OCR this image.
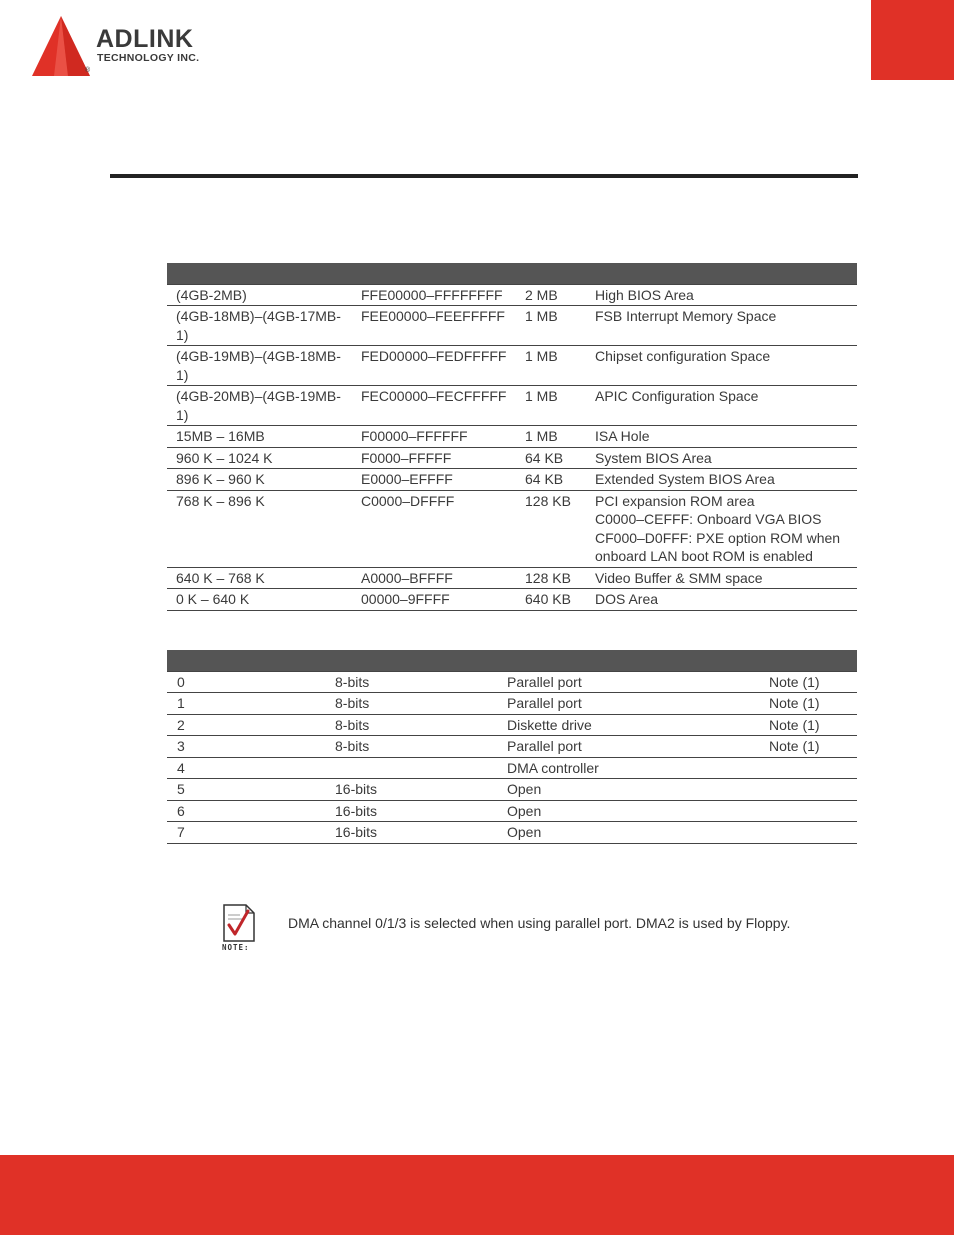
ADLINK
TECHNOLOGY INC.
®

(4GB-2MB)	FFE00000–FFFFFFFF	2 MB	High BIOS Area

(4GB-18MB)–(4GB-17MB-1)	FEE00000–FEEFFFFF	1 MB	FSB Interrupt Memory Space

(4GB-19MB)–(4GB-18MB-1)	FED00000–FEDFFFFF	1 MB	Chipset configuration Space

(4GB-20MB)–(4GB-19MB-1)	FEC00000–FECFFFFF	1 MB	APIC Configuration Space

15MB – 16MB	F00000–FFFFFF	1 MB	ISA Hole

960 K – 1024 K	F0000–FFFFF	64 KB	System BIOS Area

896 K – 960 K	E0000–EFFFF	64 KB	Extended System BIOS Area

768 K – 896 K	C0000–DFFFF	128 KB	PCI expansion ROM area
C0000–CEFFF: Onboard VGA BIOS
CF000–D0FFF: PXE option ROM when
onboard LAN boot ROM is enabled

640 K – 768 K	A0000–BFFFF	128 KB	Video Buffer & SMM space

0 K – 640 K	00000–9FFFF	640 KB	DOS Area

0	8-bits	Parallel port	Note (1)
1	8-bits	Parallel port	Note (1)
2	8-bits	Diskette drive	Note (1)
3	8-bits	Parallel port	Note (1)
4		DMA controller	
5	16-bits	Open	
6	16-bits	Open	
7	16-bits	Open	
NOTE:
DMA channel 0/1/3 is selected when using parallel port. DMA2 is used by Floppy.
